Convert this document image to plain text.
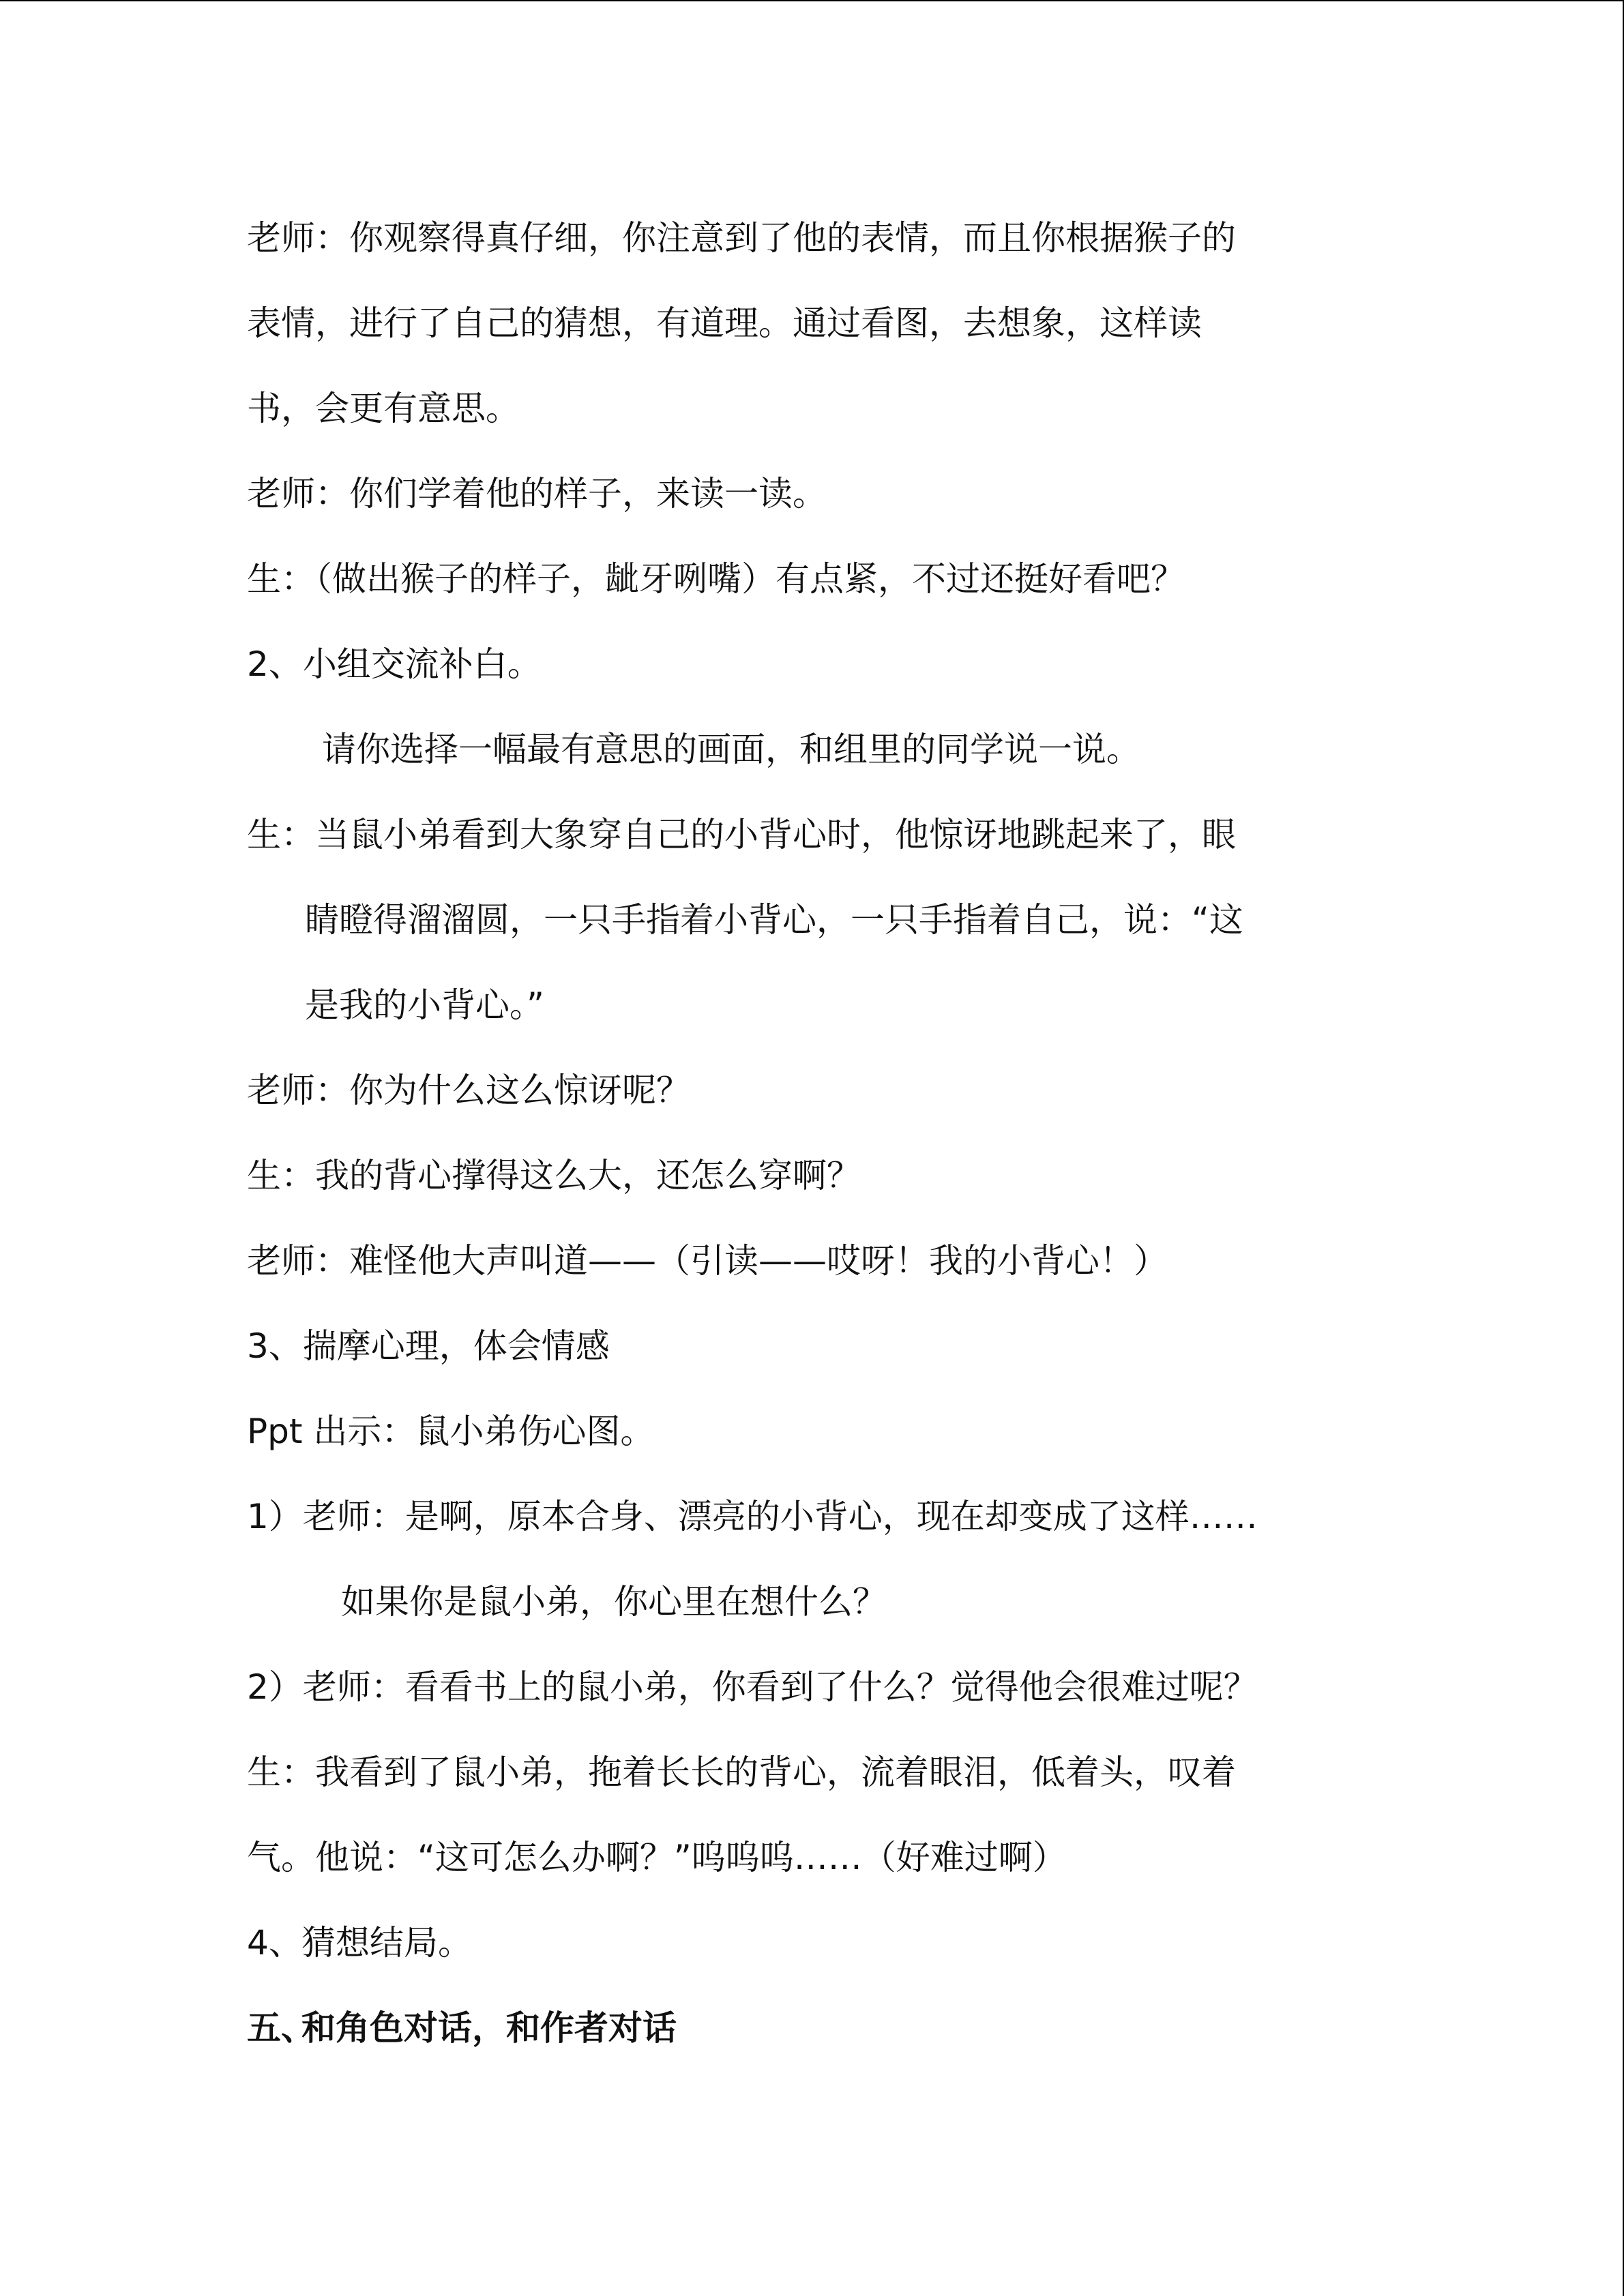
老师：你观察得真仔细，你注意到了他的表情，而且你根据猴子的

表情，进行了自己的猜想，有道理。通过看图，去想象，这样读

书，会更有意思。

老师：你们学着他的样子，来读一读。

生：（做出猴子的样子，龇牙咧嘴）有点紧，不过还挺好看吧？

2、小组交流补白。

请你选择一幅最有意思的画面，和组里的同学说一说。

生：当鼠小弟看到大象穿自己的小背心时，他惊讶地跳起来了，眼

睛瞪得溜溜圆，一只手指着小背心，一只手指着自己，说：“这

是我的小背心。”

老师：你为什么这么惊讶呢？

生：我的背心撑得这么大，还怎么穿啊？

老师：难怪他大声叫道——（引读——哎呀！我的小背心！）

3、揣摩心理，体会情感

Ppt 出示：鼠小弟伤心图。

1）老师：是啊，原本合身、漂亮的小背心，现在却变成了这样……

如果你是鼠小弟，你心里在想什么？

2）老师：看看书上的鼠小弟，你看到了什么？觉得他会很难过呢？

生：我看到了鼠小弟，拖着长长的背心，流着眼泪，低着头，叹着

气。他说：“这可怎么办啊？”呜呜呜……（好难过啊）

4、猜想结局。

五、和角色对话，和作者对话
